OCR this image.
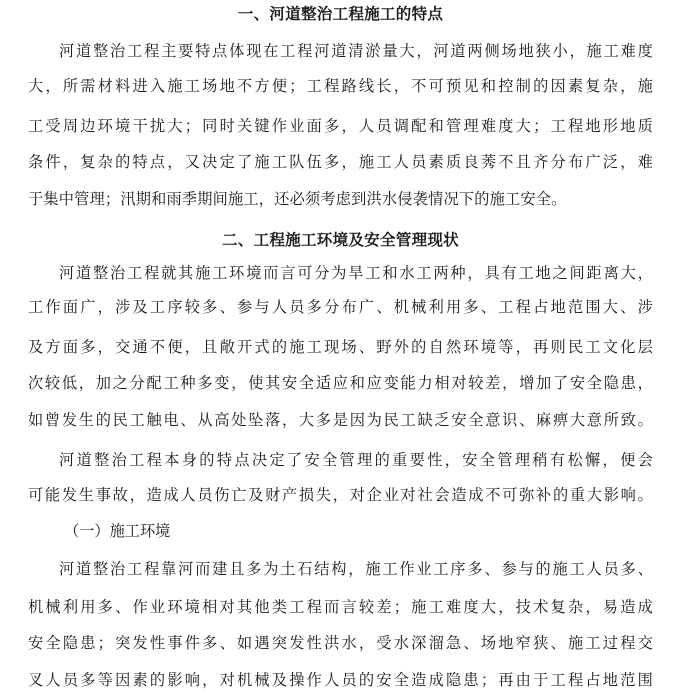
一、河道整治工程施工的特点
河道整治工程主要特点体现在工程河道清淤量大，河道两侧场地狭小，施工难度
大，所需材料进入施工场地不方便；工程路线长，不可预见和控制的因素复杂，施
工受周边环境干扰大；同时关键作业面多，人员调配和管理难度大；工程地形地质
条件，复杂的特点，又决定了施工队伍多，施工人员素质良莠不且齐分布广泛，难
于集中管理；汛期和雨季期间施工，还必须考虑到洪水侵袭情况下的施工安全。
二、工程施工环境及安全管理现状
河道整治工程就其施工环境而言可分为旱工和水工两种，具有工地之间距离大，
工作面广，涉及工序较多、参与人员多分布广、机械利用多、工程占地范围大、涉
及方面多，交通不便，且敞开式的施工现场、野外的自然环境等，再则民工文化层
次较低，加之分配工种多变，使其安全适应和应变能力相对较差，增加了安全隐患，
如曾发生的民工触电、从高处坠落，大多是因为民工缺乏安全意识、麻痹大意所致。
河道整治工程本身的特点决定了安全管理的重要性，安全管理稍有松懈，便会
可能发生事故，造成人员伤亡及财产损失，对企业对社会造成不可弥补的重大影响。
（一）施工环境
河道整治工程靠河而建且多为土石结构，施工作业工序多、参与的施工人员多、
机械利用多、作业环境相对其他类工程而言较差；施工难度大，技术复杂，易造成
安全隐患；突发性事件多、如遇突发性洪水，受水深溜急、场地窄狭、施工过程交
叉人员多等因素的影响，对机械及操作人员的安全造成隐患；再由于工程占地范围
